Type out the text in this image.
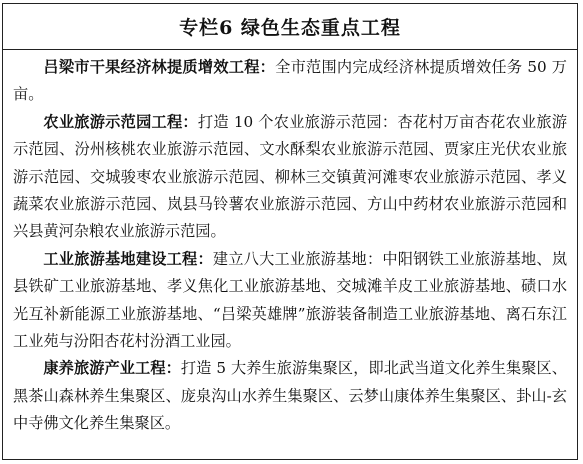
专栏6 绿色生态重点工程

吕梁市干果经济林提质增效工程：全市范围内完成经济林提质增效任务 50 万亩。

农业旅游示范园工程：打造 10 个农业旅游示范园：杏花村万亩杏花农业旅游示范园、汾州核桃农业旅游示范园、文水酥梨农业旅游示范园、贾家庄光伏农业旅游示范园、交城骏枣农业旅游示范园、柳林三交镇黄河滩枣农业旅游示范园、孝义蔬菜农业旅游示范园、岚县马铃薯农业旅游示范园、方山中药材农业旅游示范园和兴县黄河杂粮农业旅游示范园。

工业旅游基地建设工程：建立八大工业旅游基地：中阳钢铁工业旅游基地、岚县铁矿工业旅游基地、孝义焦化工业旅游基地、交城滩羊皮工业旅游基地、碛口水光互补新能源工业旅游基地、“吕梁英雄牌”旅游装备制造工业旅游基地、离石东江工业苑与汾阳杏花村汾酒工业园。

康养旅游产业工程：打造 5 大养生旅游集聚区，即北武当道文化养生集聚区、黑茶山森林养生集聚区、庞泉沟山水养生集聚区、云梦山康体养生集聚区、卦山-玄中寺佛文化养生集聚区。
